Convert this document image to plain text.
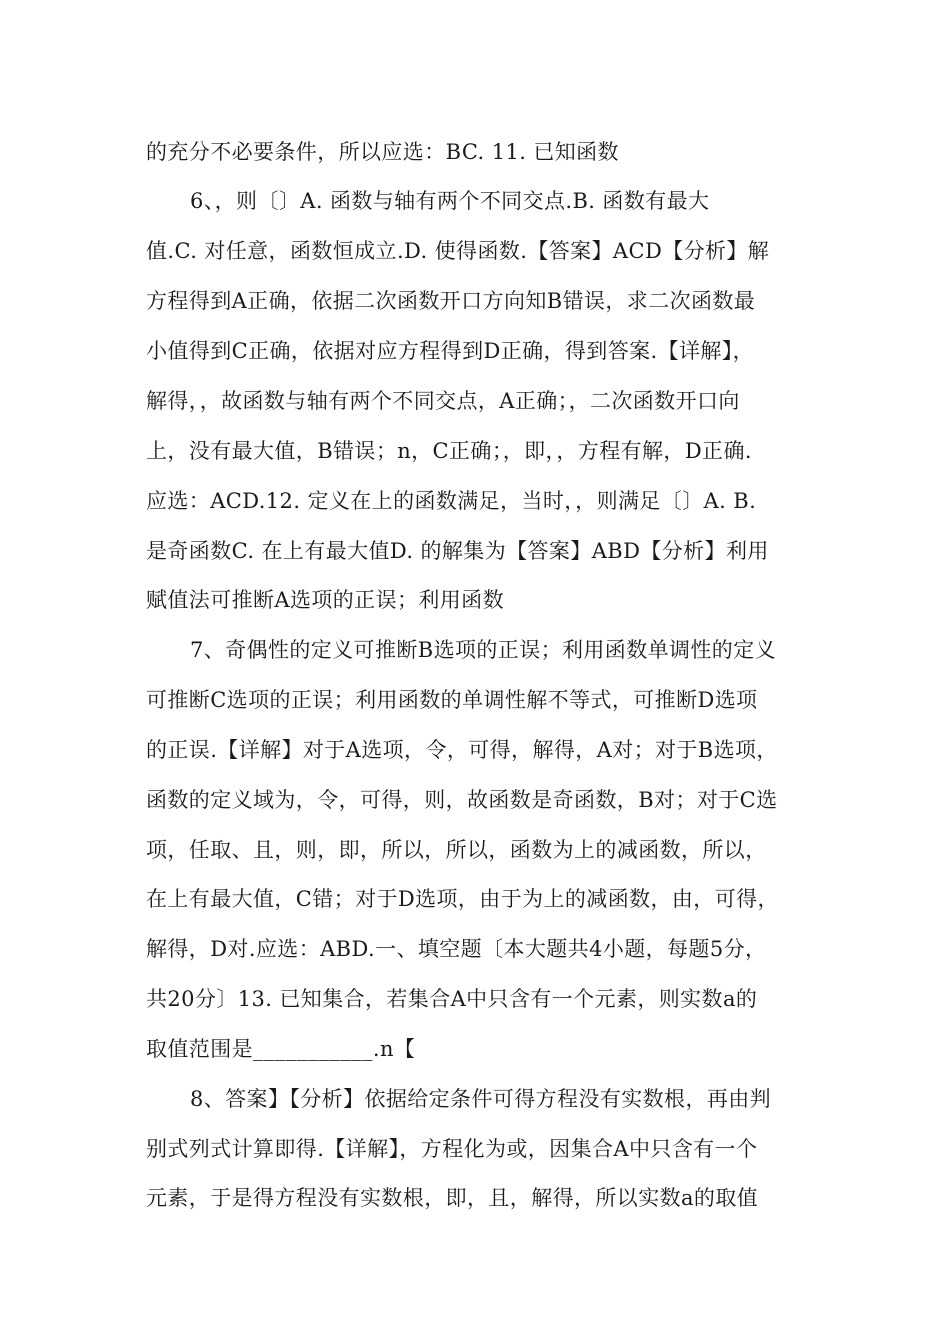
的充分不必要条件，所以应选：BC. 11. 已知函数
6、，则〔〕A. 函数与轴有两个不同交点.B. 函数有最大
值.C. 对任意，函数恒成立.D. 使得函数.【答案】ACD【分析】解
方程得到A正确，依据二次函数开口方向知B错误，求二次函数最
小值得到C正确，依据对应方程得到D正确，得到答案.【详解】，
解得，，故函数与轴有两个不同交点，A正确；，二次函数开口向
上，没有最大值，B错误；n，C正确；，即，，方程有解，D正确.
应选：ACD.12. 定义在上的函数满足，当时，，则满足〔〕A. B.
是奇函数C. 在上有最大值D. 的解集为【答案】ABD【分析】利用
赋值法可推断A选项的正误；利用函数
7、奇偶性的定义可推断B选项的正误；利用函数单调性的定义
可推断C选项的正误；利用函数的单调性解不等式，可推断D选项
的正误.【详解】对于A选项，令，可得，解得，A对；对于B选项，
函数的定义域为，令，可得，则，故函数是奇函数，B对；对于C选
项，任取、且，则，即，所以，所以，函数为上的减函数，所以，
在上有最大值，C错；对于D选项，由于为上的减函数，由，可得，
解得，D对.应选：ABD.一、填空题〔本大题共4小题，每题5分，
共20分〕13. 已知集合，若集合A中只含有一个元素，则实数a的
取值范围是___________.n【
8、答案】【分析】依据给定条件可得方程没有实数根，再由判
别式列式计算即得.【详解】，方程化为或，因集合A中只含有一个
元素，于是得方程没有实数根，即，且，解得，所以实数a的取值
